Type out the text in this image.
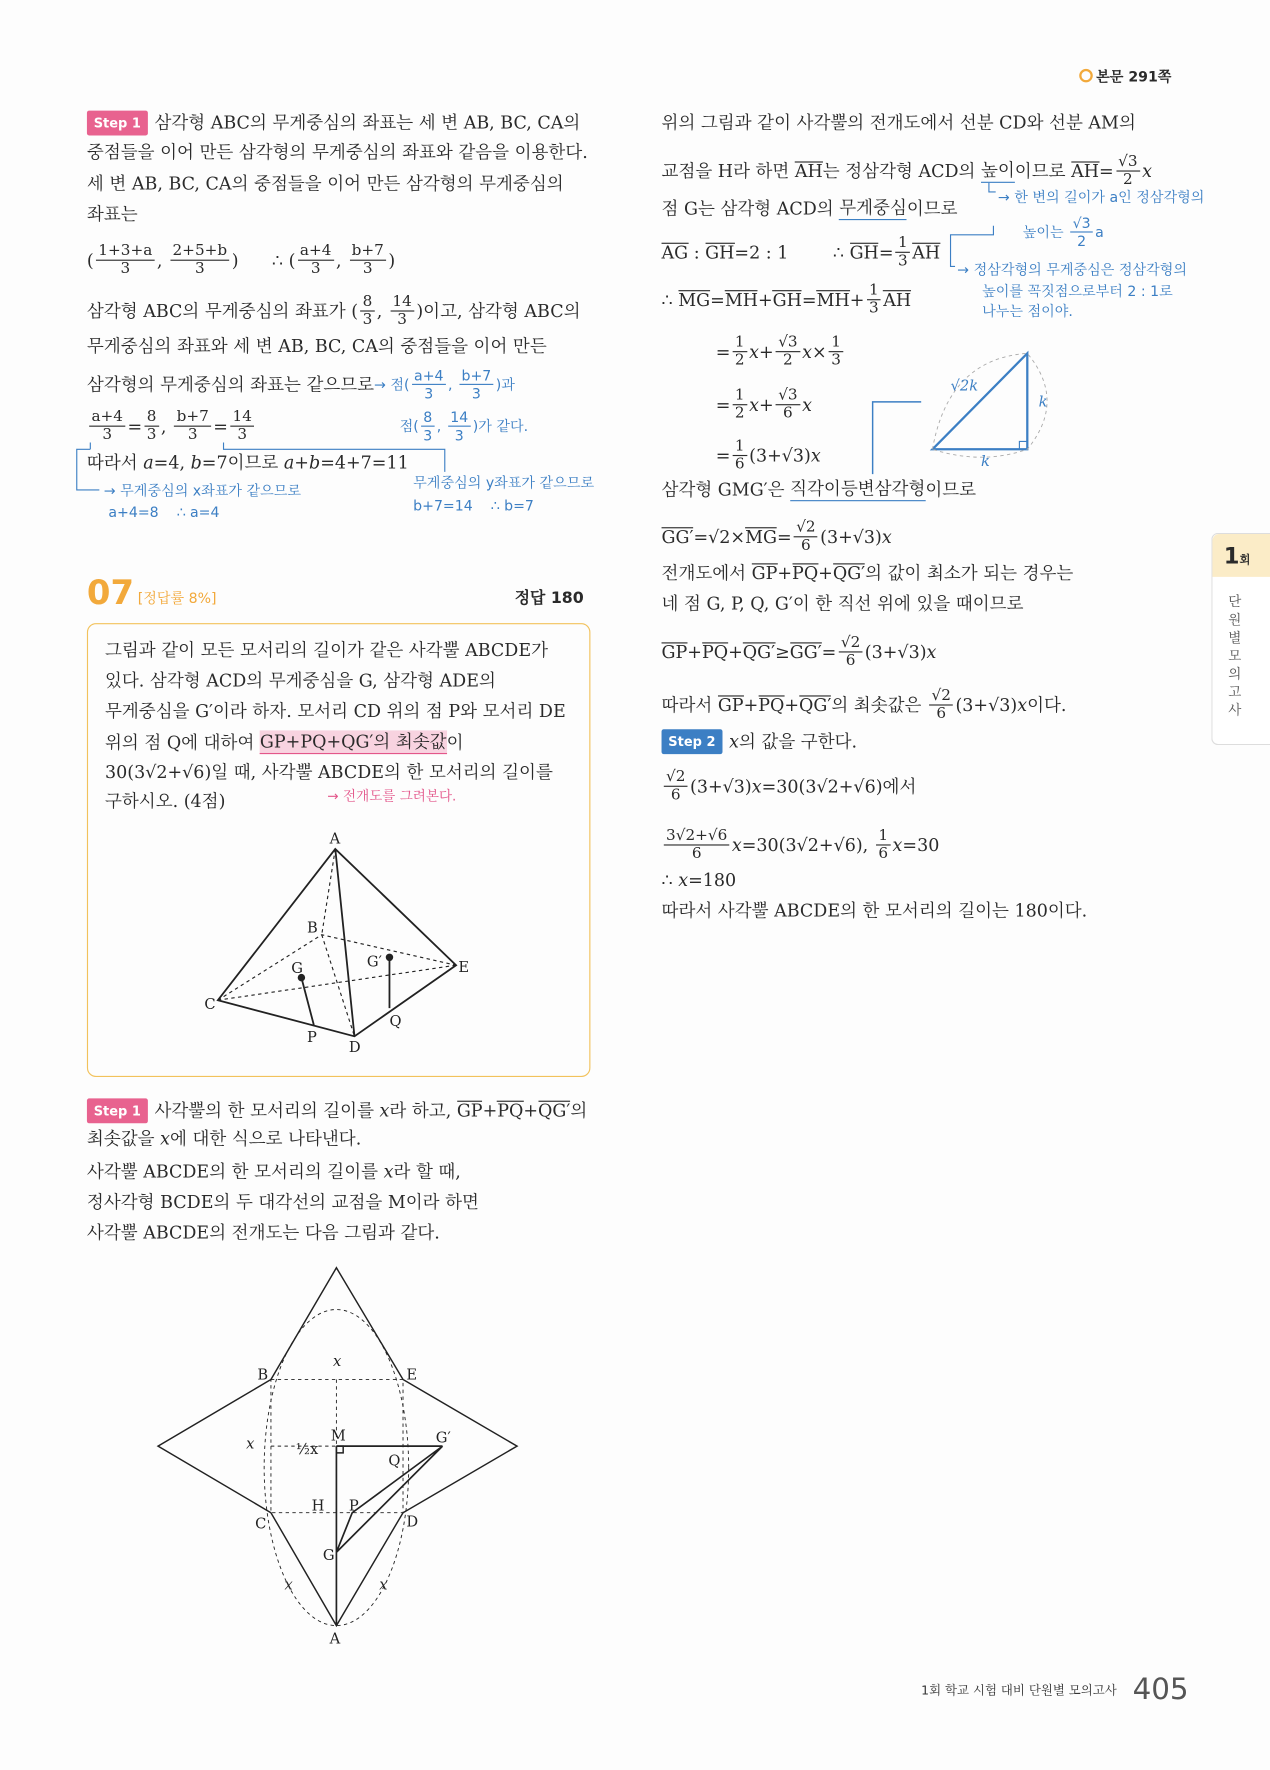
본문 291쪽
Step 1 삼각형 ABC의 무게중심의 좌표는 세 변 AB, BC, CA의
중점들을 이어 만든 삼각형의 무게중심의 좌표와 같음을 이용한다.
세 변 AB, BC, CA의 중점들을 이어 만든 삼각형의 무게중심의
좌표는
( $\frac{1+3+a}{3}$ , $\frac{2+5+b}{3}$ )      ∴ ( $\frac{a+4}{3}$ , $\frac{b+7}{3}$ )
삼각형 ABC의 무게중심의 좌표가 ( $\frac{8}{3}$ , $\frac{14}{3}$ )이고, 삼각형 ABC의
무게중심의 좌표와 세 변 AB, BC, CA의 중점들을 이어 만든
삼각형의 무게중심의 좌표는 같으므로 → 점( $\frac{a+4}{3}$ , $\frac{b+7}{3}$ )과
$\frac{a+4}{3} = \frac{8}{3}$ , $\frac{b+7}{3} = \frac{14}{3}$	점( $\frac{8}{3}$ , $\frac{14}{3}$ )가 같다.
따라서 a =4, b =7이므로 a + b =4+7=11
→ 무게중심의 x좌표가 같으므로
a+4=8    ∴ a=4
무게중심의 y좌표가 같으므로
b+7=14    ∴ b=7
07 [정답률 8%]	정답 180
그림과 같이 모든 모서리의 길이가 같은 사각뿔 ABCDE가
있다. 삼각형 ACD의 무게중심을 G, 삼각형 ADE의
무게중심을 G′이라 하자. 모서리 CD 위의 점 P와 모서리 DE
위의 점 Q에 대하여 GP+PQ+QG′의 최솟값 이
30(3√2+√6)일 때, 사각뿔 ABCDE의 한 모서리의 길이를
구하시오. (4점)	→ 전개도를 그려본다.
A
B
C
D
E
G	G′
P
Q
Step 1 사각뿔의 한 모서리의 길이를 x 라 하고, GP + PQ + QG′ 의
최솟값을 x 에 대한 식으로 나타낸다.
사각뿔 ABCDE의 한 모서리의 길이를 x 라 할 때,
정사각형 BCDE의 두 대각선의 교점을 M이라 하면
사각뿔 ABCDE의 전개도는 다음 그림과 같다.
B	E
C	D
A
M
H
G
G′
P
Q
½x
x
x
x	x
위의 그림과 같이 사각뿔의 전개도에서 선분 CD와 선분 AM의
교점을 H라 하면 AH 는 정삼각형 ACD의 높이 이므로 AH = $\frac{√3}{2}$ x
점 G는 삼각형 ACD의 무게중심 이므로
AG : GH =2 : 1        ∴ GH = $\frac{1}{3}$ AH
∴ MG = MH + GH = MH + $\frac{1}{3}$ AH
= $\frac{1}{2}$ $x + \frac{√3}{2}$ $x \times \frac{1}{3}$
= $\frac{1}{2}$ $x + \frac{√3}{6}$ x
= $\frac{1}{6} (3+√3)$ x
삼각형 GMG′은 직각이등변삼각형 이므로
GG′ =√2× MG = $\frac{√2}{6} (3+√3)$ x
전개도에서 GP + PQ + QG′ 의 값이 최소가 되는 경우는
네 점 G, P, Q, G′이 한 직선 위에 있을 때이므로
GP + PQ + $QG' \ge GG' = \frac{√2}{6} (3+√3)$ x
따라서 GP + PQ + QG′ 의 최솟값은 $\frac{√2}{6} (3+√3)$ x 이다.
Step 2 x 의 값을 구한다.
$\frac{√2}{6} (3+√3)$ x =30(3√2+√6)에서
$\frac{3√2+√6}{6}$ x =30(3√2+√6), $\frac{1}{6}$ x =30
∴ x =180
따라서 사각뿔 ABCDE의 한 모서리의 길이는 180이다.
→ 한 변의 길이가 a인 정삼각형의
높이는 $\frac{√3}{2}$ a
→ 정삼각형의 무게중심은 정삼각형의
높이를 꼭짓점으로부터 2 : 1로
나누는 점이야.
√2k
k
k
1회
단원별모의고사
1회 학교 시험 대비 단원별 모의고사 405
